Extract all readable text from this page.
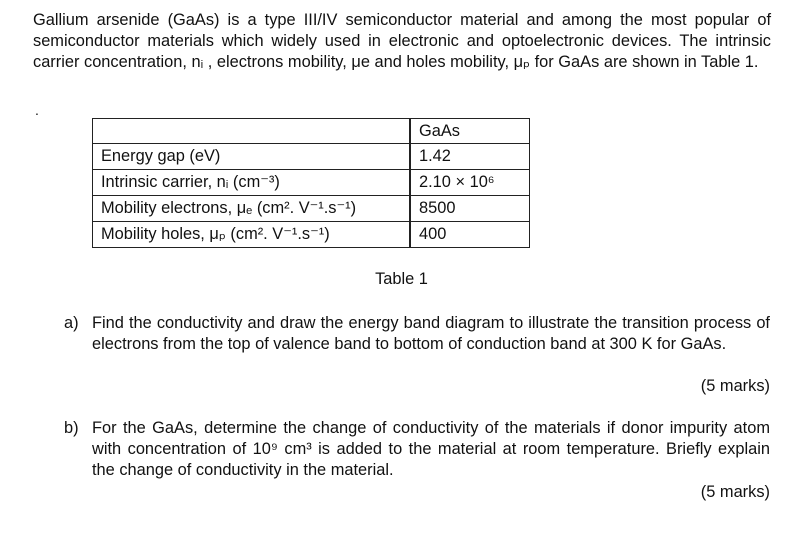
Gallium arsenide (GaAs) is a type III/IV semiconductor material and among the most popular of semiconductor materials which widely used in electronic and optoelectronic devices. The intrinsic carrier concentration, nᵢ , electrons mobility, μe and holes mobility, μₚ for GaAs are shown in Table 1.
.
	GaAs
Energy gap (eV)	1.42
Intrinsic carrier, nᵢ (cm⁻³)	2.10 × 10⁶
Mobility electrons, μₑ (cm². V⁻¹.s⁻¹)	8500
Mobility holes, μₚ (cm². V⁻¹.s⁻¹)	400
Table 1
a) Find the conductivity and draw the energy band diagram to illustrate the transition process of electrons from the top of valence band to bottom of conduction band at 300 K for GaAs.
(5 marks)
b) For the GaAs, determine the change of conductivity of the materials if donor impurity atom with concentration of 10⁹ cm³ is added to the material at room temperature. Briefly explain the change of conductivity in the material.
(5 marks)
